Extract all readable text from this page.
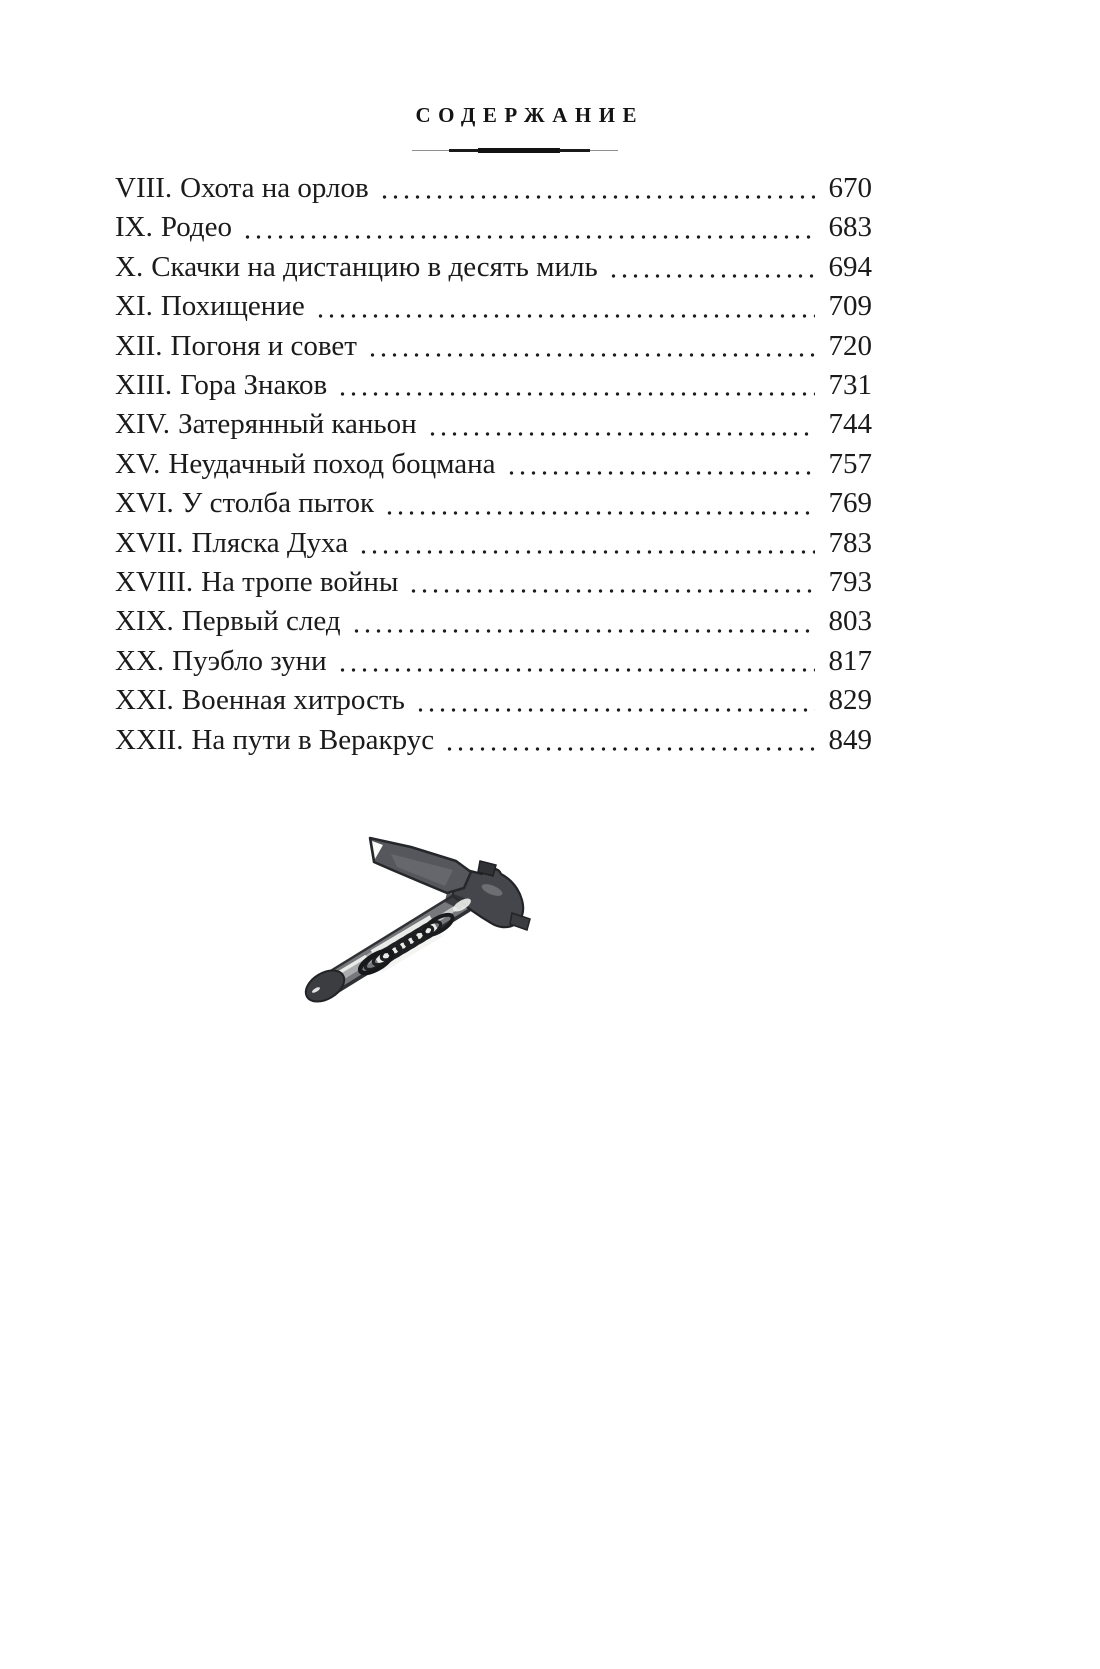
СОДЕРЖАНИЕ
VIII. Охота на орлов	670
IX. Родео	683
X. Скачки на дистанцию в десять миль	694
XI. Похищение	709
XII. Погоня и совет	720
XIII. Гора Знаков	731
XIV. Затерянный каньон	744
XV. Неудачный поход боцмана	757
XVI. У столба пыток	769
XVII. Пляска Духа	783
XVIII. На тропе войны	793
XIX. Первый след	803
XX. Пуэбло зуни	817
XXI. Военная хитрость	829
XXII. На пути в Веракрус	849
